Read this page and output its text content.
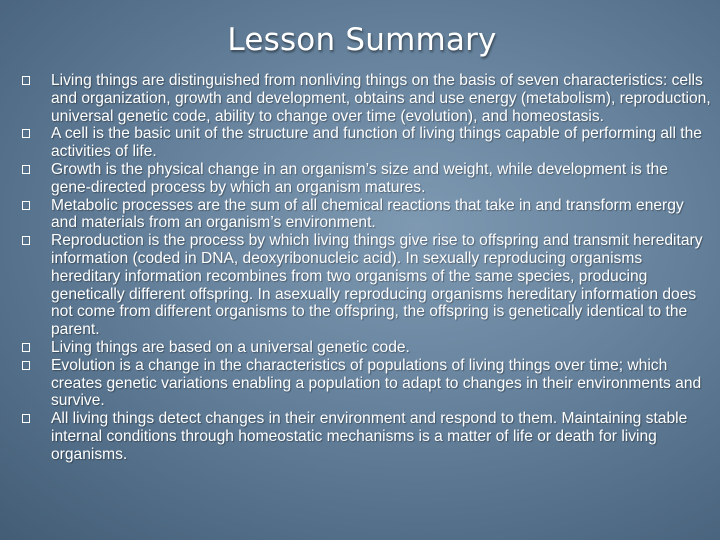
Lesson Summary
Living things are distinguished from nonliving things on the basis of seven characteristics: cells and organization, growth and development, obtains and use energy (metabolism), reproduction, universal genetic code, ability to change over time (evolution), and homeostasis.
A cell is the basic unit of the structure and function of living things capable of performing all the activities of life.
Growth is the physical change in an organism’s size and weight, while development is the gene-directed process by which an organism matures.
Metabolic processes are the sum of all chemical reactions that take in and transform energy and materials from an organism’s environment.
Reproduction is the process by which living things give rise to offspring and transmit hereditary information (coded in DNA, deoxyribonucleic acid). In sexually reproducing organisms hereditary information recombines from two organisms of the same species, producing genetically different offspring. In asexually reproducing organisms hereditary information does not come from different organisms to the offspring, the offspring is genetically identical to the parent.
Living things are based on a universal genetic code.
Evolution is a change in the characteristics of populations of living things over time; which creates genetic variations enabling a population to adapt to changes in their environments and survive.
All living things detect changes in their environment and respond to them. Maintaining stable internal conditions through homeostatic mechanisms is a matter of life or death for living organisms.
